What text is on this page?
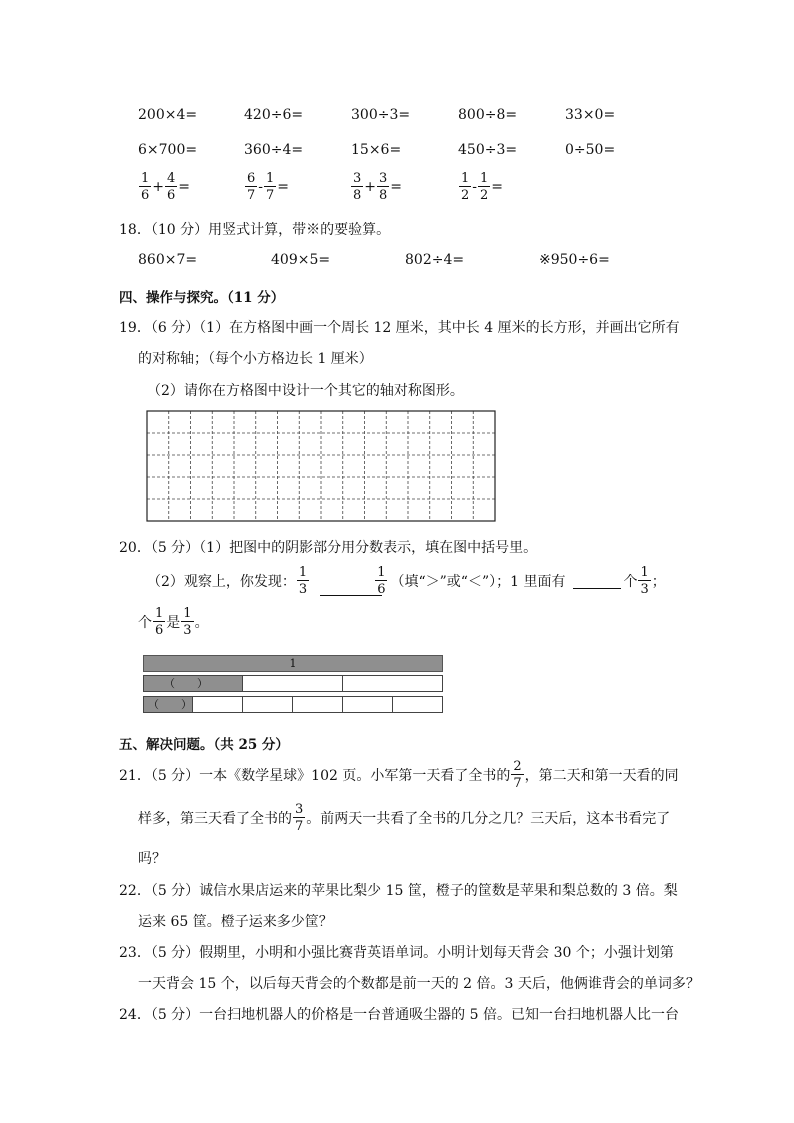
200×4=	420÷6=	300÷3=	800÷8=	33×0=
6×700=	360÷4=	15×6=	450÷3=	0÷50=
$\frac{1}{6} + \frac{4}{6}$ =	$\frac{6}{7} - \frac{1}{7}$ =	$\frac{3}{8} + \frac{3}{8}$ =	$\frac{1}{2} - \frac{1}{2}$ =
18．（10 分）用竖式计算，带※的要验算。
860×7=	409×5=	802÷4=	※950÷6=
四、操作与探究。（11 分）
19．（6 分）（1）在方格图中画一个周长 12 厘米，其中长 4 厘米的长方形，并画出它所有
的对称轴；（每个小方格边长 1 厘米）
（2）请你在方格图中设计一个其它的轴对称图形。
20．（5 分）（1）把图中的阴影部分用分数表示，填在图中括号里。
（2）观察上，你发现： $\frac{1}{3}$	$\frac{1}{6}$ （填“＞”或“＜”）；1 里面有	个 $\frac{1}{3}$ ；
个 $\frac{1}{6}$ 是 $\frac{1}{3}$ 。
1
（　　）
（　　）
五、解决问题。（共 25 分）
21．（5 分）一本《数学星球》102 页。小军第一天看了全书的 $\frac{2}{7}$ ，第二天和第一天看的同
样多，第三天看了全书的 $\frac{3}{7}$ 。前两天一共看了全书的几分之几？三天后，这本书看完了
吗？
22．（5 分）诚信水果店运来的苹果比梨少 15 筐，橙子的筐数是苹果和梨总数的 3 倍。梨
运来 65 筐。橙子运来多少筐？
23．（5 分）假期里，小明和小强比赛背英语单词。小明计划每天背会 30 个；小强计划第
一天背会 15 个，以后每天背会的个数都是前一天的 2 倍。3 天后，他俩谁背会的单词多？
24．（5 分）一台扫地机器人的价格是一台普通吸尘器的 5 倍。已知一台扫地机器人比一台
